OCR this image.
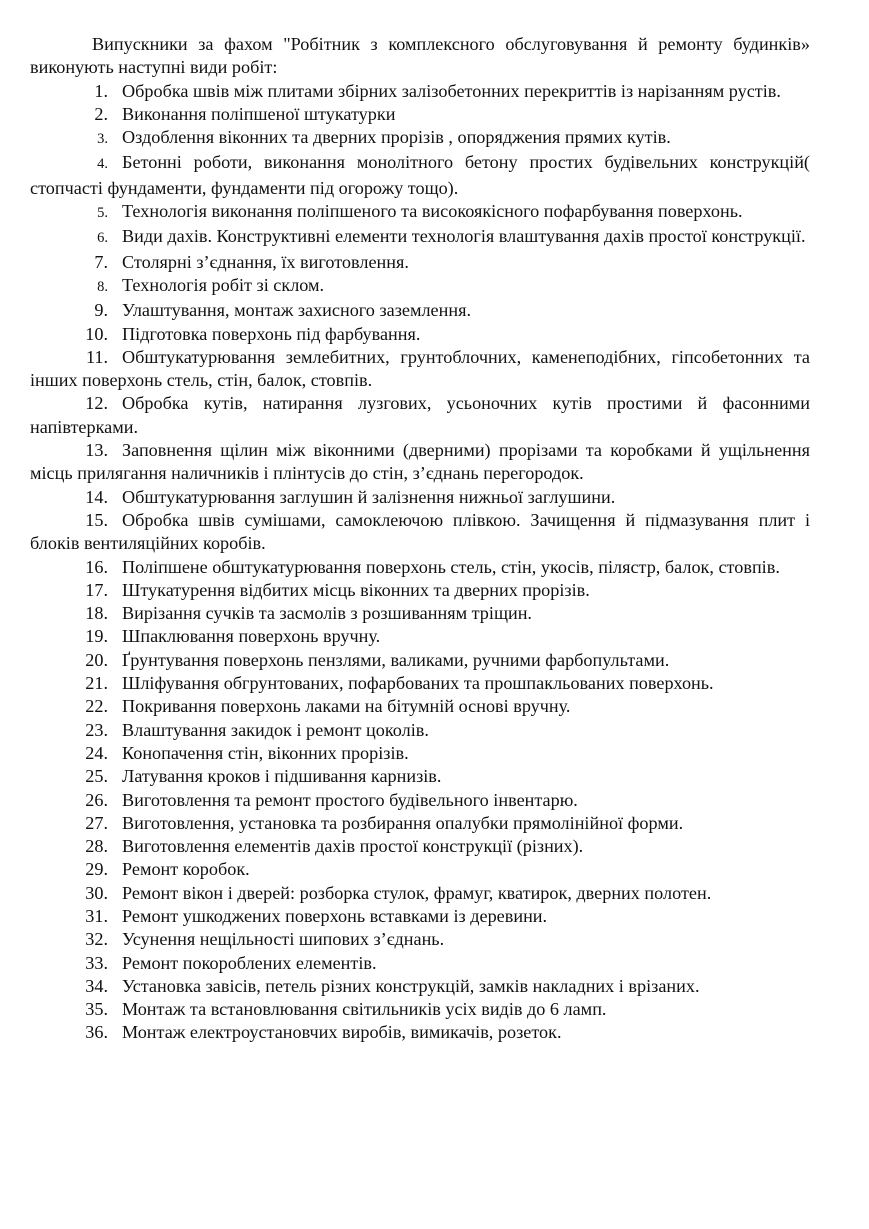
Випускники за фахом "Робітник з комплексного обслуговування й ремонту будинків» виконують наступні види робіт:

1. Обробка швів між плитами збірних залізобетонних перекриттів із нарізанням рустів.
2. Виконання поліпшеної штукатурки
3. Оздоблення віконних та дверних прорізів , опоряджения прямих кутів.
4. Бетонні роботи, виконання монолітного бетону простих будівельних конструкцій( стопчасті фундаменти, фундаменти під огорожу тощо).
5. Технологія виконання поліпшеного та високоякісного пофарбування поверхонь.
6. Види дахів. Конструктивні елементи технологія влаштування дахів простої конструкції.
7. Столярні з’єднання, їх виготовлення.
8. Технологія робіт зі склом.
9. Улаштування, монтаж захисного заземлення.
10. Підготовка поверхонь під фарбування.
11. Обштукатурювання землебитних, грунтоблочних, каменеподібних, гіпсобетонних та інших поверхонь стель, стін, балок, стовпів.
12. Обробка кутів, натирання лузгових, усьоночних кутів простими й фасонними напівтерками.
13. Заповнення щілин між віконними (дверними) прорізами та коробками й ущільнення місць прилягання наличників і плінтусів до стін, з’єднань перегородок.
14. Обштукатурювання заглушин й залізнення нижньої заглушини.
15. Обробка швів сумішами, самоклеючою плівкою. Зачищення й підмазування плит і блоків вентиляційних коробів.
16. Поліпшене обштукатурювання поверхонь стель, стін, укосів, пілястр, балок, стовпів.
17. Штукатурення відбитих місць віконних та дверних прорізів.
18. Вирізання сучків та засмолів з розшиванням тріщин.
19. Шпаклювання поверхонь вручну.
20. Ґрунтування поверхонь пензлями, валиками, ручними фарбопультами.
21. Шліфування обгрунтованих, пофарбованих та прошпакльованих поверхонь.
22. Покривання поверхонь лаками на бітумній основі вручну.
23. Влаштування закидок і ремонт цоколів.
24. Конопачення стін, віконних прорізів.
25. Латування кроков і підшивання карнизів.
26. Виготовлення та ремонт простого будівельного інвентарю.
27. Виготовлення, установка та розбирання опалубки прямолінійної форми.
28. Виготовлення елементів дахів простої конструкції (різних).
29. Ремонт коробок.
30. Ремонт вікон і дверей: розборка стулок, фрамуг, кватирок, дверних полотен.
31. Ремонт ушкоджених поверхонь вставками із деревини.
32. Усунення нещільності шипових з’єднань.
33. Ремонт покороблених елементів.
34. Установка завісів, петель різних конструкцій, замків накладних і врізаних.
35. Монтаж та встановлювання світильників усіх видів до 6 ламп.
36. Монтаж електроустановчих виробів, вимикачів, розеток.
